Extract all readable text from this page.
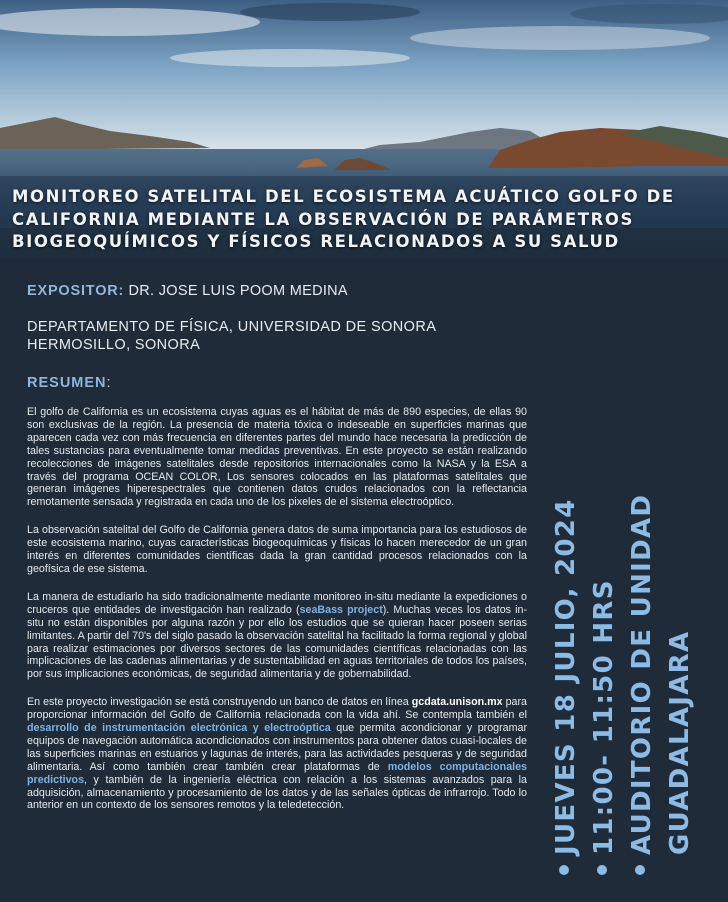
MONITOREO SATELITAL DEL ECOSISTEMA ACUÁTICO GOLFO DE CALIFORNIA MEDIANTE LA OBSERVACIÓN DE PARÁMETROS BIOGEOQUÍMICOS Y FÍSICOS RELACIONADOS A SU SALUD
EXPOSITOR: DR. JOSE LUIS POOM MEDINA
DEPARTAMENTO DE FÍSICA, UNIVERSIDAD DE SONORA
HERMOSILLO, SONORA
RESUMEN:

El golfo de California es un ecosistema cuyas aguas es el hábitat de más de 890 especies, de ellas 90 son exclusivas de la región. La presencia de materia tóxica o indeseable en superficies marinas que aparecen cada vez con más frecuencia en diferentes partes del mundo hace necesaria la predicción de tales sustancias para eventualmente tomar medidas preventivas. En este proyecto se están realizando recolecciones de imágenes satelitales desde repositorios internacionales como la NASA y la ESA a través del programa OCEAN COLOR, Los sensores colocados en las plataformas satelitales que generan imágenes hiperespectrales que contienen datos crudos relacionados con la reflectancia remotamente sensada y registrada en cada uno de los pixeles de el sistema electroóptico.

La observación satelital del Golfo de California genera datos de suma importancia para los estudiosos de este ecosistema marino, cuyas características biogeoquímicas y físicas lo hacen merecedor de un gran interés en diferentes comunidades científicas dada la gran cantidad procesos relacionados con la geofísica de ese sistema.

La manera de estudiarlo ha sido tradicionalmente mediante monitoreo in-situ mediante la expediciones o cruceros que entidades de investigación han realizado (seaBass project). Muchas veces los datos in-situ no están disponibles por alguna razón y por ello los estudios que se quieran hacer poseen serias limitantes. A partir del 70's del siglo pasado la observación satelital ha facilitado la forma regional y global para realizar estimaciones por diversos sectores de las comunidades científicas relacionadas con las implicaciones de las cadenas alimentarias y de sustentabilidad en aguas territoriales de todos los países, por sus implicaciones económicas, de seguridad alimentaria y de gobernabilidad.

En este proyecto investigación se está construyendo un banco de datos en línea gcdata.unison.mx para proporcionar información del Golfo de California relacionada con la vida ahí. Se contempla también el desarrollo de instrumentación electrónica y electroóptica que permita acondicionar y programar equipos de navegación automática acondicionados con instrumentos para obtener datos cuasi-locales de las superficies marinas en estuarios y lagunas de interés, para las actividades pesqueras y de seguridad alimentaria. Así como también crear también crear plataformas de modelos computacionales predictivos, y también de la ingeniería eléctrica con relación a los sistemas avanzados para la adquisición, almacenamiento y procesamiento de los datos y de las señales ópticas de infrarrojo. Todo lo anterior en un contexto de los sensores remotos y la teledetección.	JUEVES 18 JULIO, 2024 11:00- 11:50 HRS AUDITORIO DE UNIDAD GUADALAJARA
